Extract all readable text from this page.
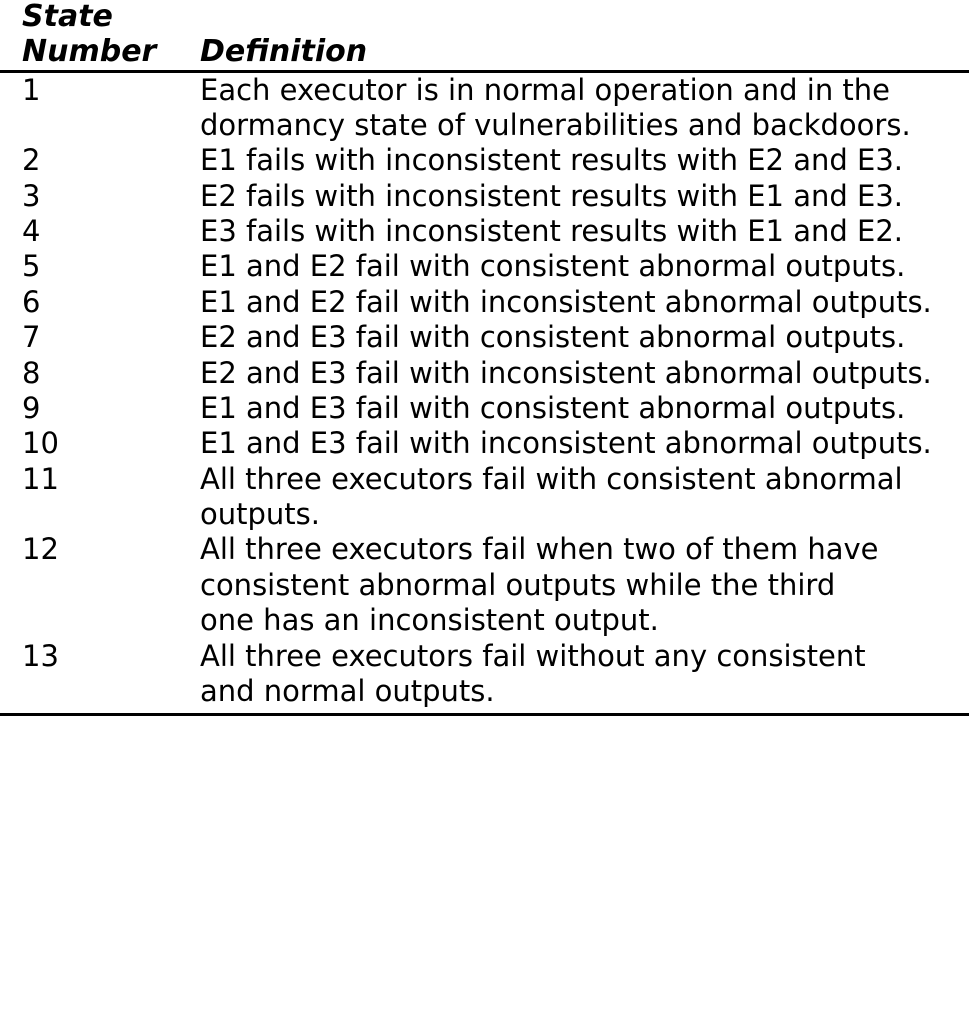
State
Number	Definition

1	Each executor is in normal operation and in the
dormancy state of vulnerabilities and backdoors.

2	E1 fails with inconsistent results with E2 and E3.

3	E2 fails with inconsistent results with E1 and E3.

4	E3 fails with inconsistent results with E1 and E2.

5	E1 and E2 fail with consistent abnormal outputs.

6	E1 and E2 fail with inconsistent abnormal outputs.

7	E2 and E3 fail with consistent abnormal outputs.

8	E2 and E3 fail with inconsistent abnormal outputs.

9	E1 and E3 fail with consistent abnormal outputs.

10	E1 and E3 fail with inconsistent abnormal outputs.

11	All three executors fail with consistent abnormal
outputs.

12	All three executors fail when two of them have
consistent abnormal outputs while the third
one has an inconsistent output.

13	All three executors fail without any consistent
and normal outputs.
